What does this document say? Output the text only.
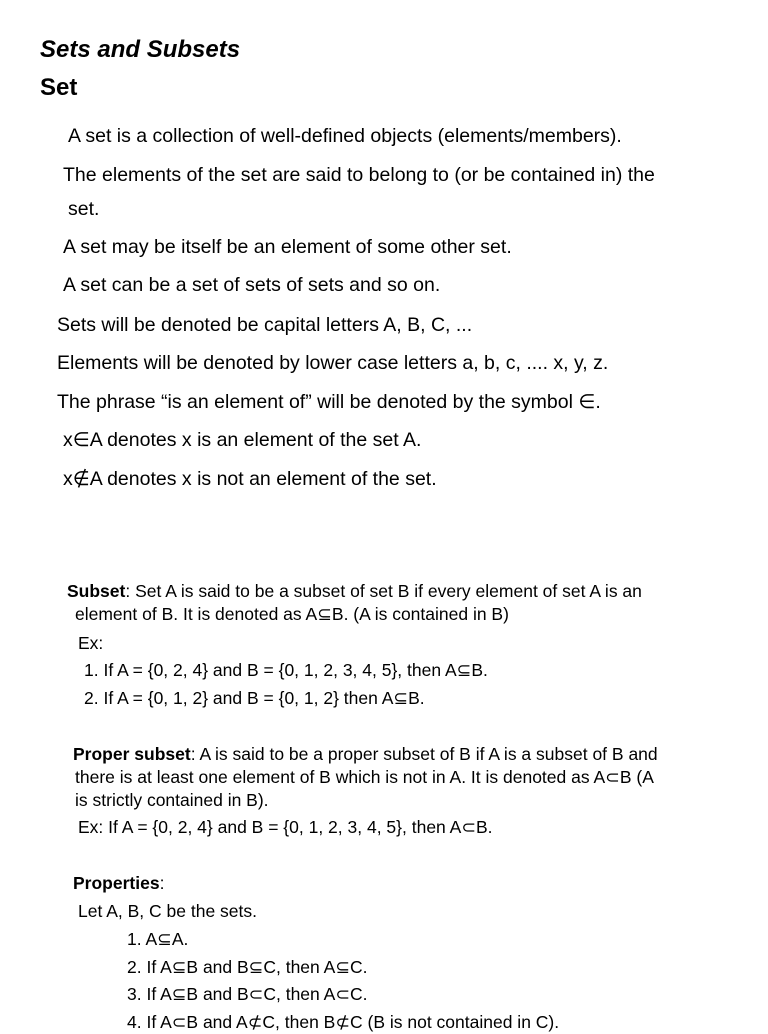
Sets and Subsets
Set
A set is a collection of well-defined objects (elements/members).
The elements of the set are said to belong to (or be contained in) the
set.
A set may be itself be an element of some other set.
A set can be a set of sets of sets and so on.
Sets will be denoted be capital letters A, B, C, ...
Elements will be denoted by lower case letters a, b, c, .... x, y, z.
The phrase “is an element of” will be denoted by the symbol ∈.
x∈A denotes x is an element of the set A.
x∉A denotes x is not an element of the set.
Subset: Set A is said to be a subset of set B if every element of set A is an
element of B. It is denoted as A⊆B. (A is contained in B)
Ex:
1. If A = {0, 2, 4} and B = {0, 1, 2, 3, 4, 5}, then A⊆B.
2. If A = {0, 1, 2} and B = {0, 1, 2} then A⊆B.
Proper subset: A is said to be a proper subset of B if A is a subset of B and
there is at least one element of B which is not in A. It is denoted as A⊂B (A
is strictly contained in B).
Ex: If A = {0, 2, 4} and B = {0, 1, 2, 3, 4, 5}, then A⊂B.
Properties:
Let A, B, C be the sets.
1. A⊆A.
2. If A⊆B and B⊆C, then A⊆C.
3. If A⊆B and B⊂C, then A⊂C.
4. If A⊂B and A⊄C, then B⊄C (B is not contained in C).
